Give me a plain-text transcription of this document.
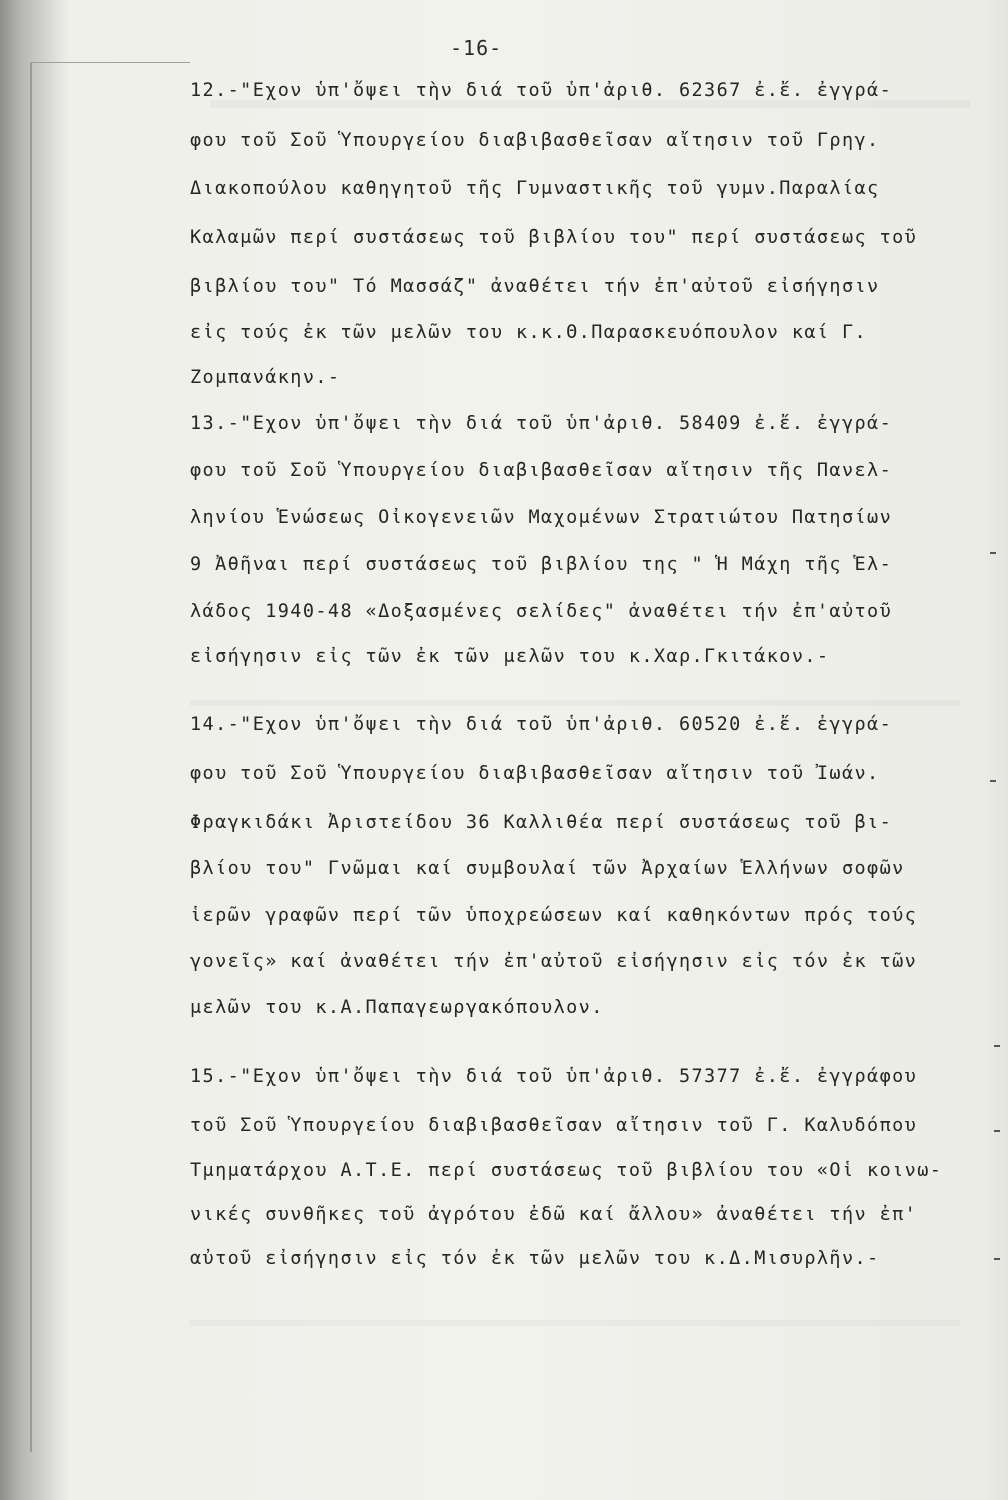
-16-
12.-"Εχον ὑπ'ὄψει τὴν διά τοῦ ὑπ'ἀριθ. 62367 ἐ.ἔ. ἐγγρά-
φου τοῦ Σοῦ Ὑπουργείου διαβιβασθεῖσαν αἴτησιν τοῦ Γρηγ.
Διακοπούλου καθηγητοῦ τῆς Γυμναστικῆς τοῦ γυμν.Παραλίας
Καλαμῶν περί συστάσεως τοῦ βιβλίου του" περί συστάσεως τοῦ
βιβλίου του" Τό Μασσάζ" ἀναθέτει τήν ἐπ'αὐτοῦ εἰσήγησιν
εἰς τούς ἐκ τῶν μελῶν του κ.κ.Θ.Παρασκευόπουλον καί Γ.
Ζομπανάκην.-
13.-"Εχον ὑπ'ὄψει τὴν διά τοῦ ὑπ'ἀριθ. 58409 ἐ.ἔ. ἐγγρά-
φου τοῦ Σοῦ Ὑπουργείου διαβιβασθεῖσαν αἴτησιν τῆς Πανελ-
ληνίου Ἑνώσεως Οἰκογενειῶν Μαχομένων Στρατιώτου Πατησίων
9 Ἀθῆναι περί συστάσεως τοῦ βιβλίου της " Ἡ Μάχη τῆς Ἑλ-
λάδος 1940-48 «Δοξασμένες σελίδες" ἀναθέτει τήν ἐπ'αὐτοῦ
εἰσήγησιν εἰς τῶν ἐκ τῶν μελῶν του κ.Χαρ.Γκιτάκον.-
14.-"Εχον ὑπ'ὄψει τὴν διά τοῦ ὑπ'ἀριθ. 60520 ἐ.ἔ. ἐγγρά-
φου τοῦ Σοῦ Ὑπουργείου διαβιβασθεῖσαν αἴτησιν τοῦ Ἰωάν.
Φραγκιδάκι Ἀριστείδου 36 Καλλιθέα περί συστάσεως τοῦ βι-
βλίου του" Γνῶμαι καί συμβουλαί τῶν Ἀρχαίων Ἑλλήνων σοφῶν
ἱερῶν γραφῶν περί τῶν ὑποχρεώσεων καί καθηκόντων πρός τούς
γονεῖς» καί ἀναθέτει τήν ἐπ'αὐτοῦ εἰσήγησιν εἰς τόν ἐκ τῶν
μελῶν του κ.Α.Παπαγεωργακόπουλον.
15.-"Εχον ὑπ'ὄψει τὴν διά τοῦ ὑπ'ἀριθ. 57377 ἐ.ἔ. ἐγγράφου
τοῦ Σοῦ Ὑπουργείου διαβιβασθεῖσαν αἴτησιν τοῦ Γ. Καλυδόπου
Τμηματάρχου Α.Τ.Ε. περί συστάσεως τοῦ βιβλίου του «Οἱ κοινω-
νικές συνθῆκες τοῦ ἀγρότου ἐδῶ καί ἄλλου» ἀναθέτει τήν ἐπ'
αὐτοῦ εἰσήγησιν εἰς τόν ἐκ τῶν μελῶν του κ.Δ.Μισυρλῆν.-
